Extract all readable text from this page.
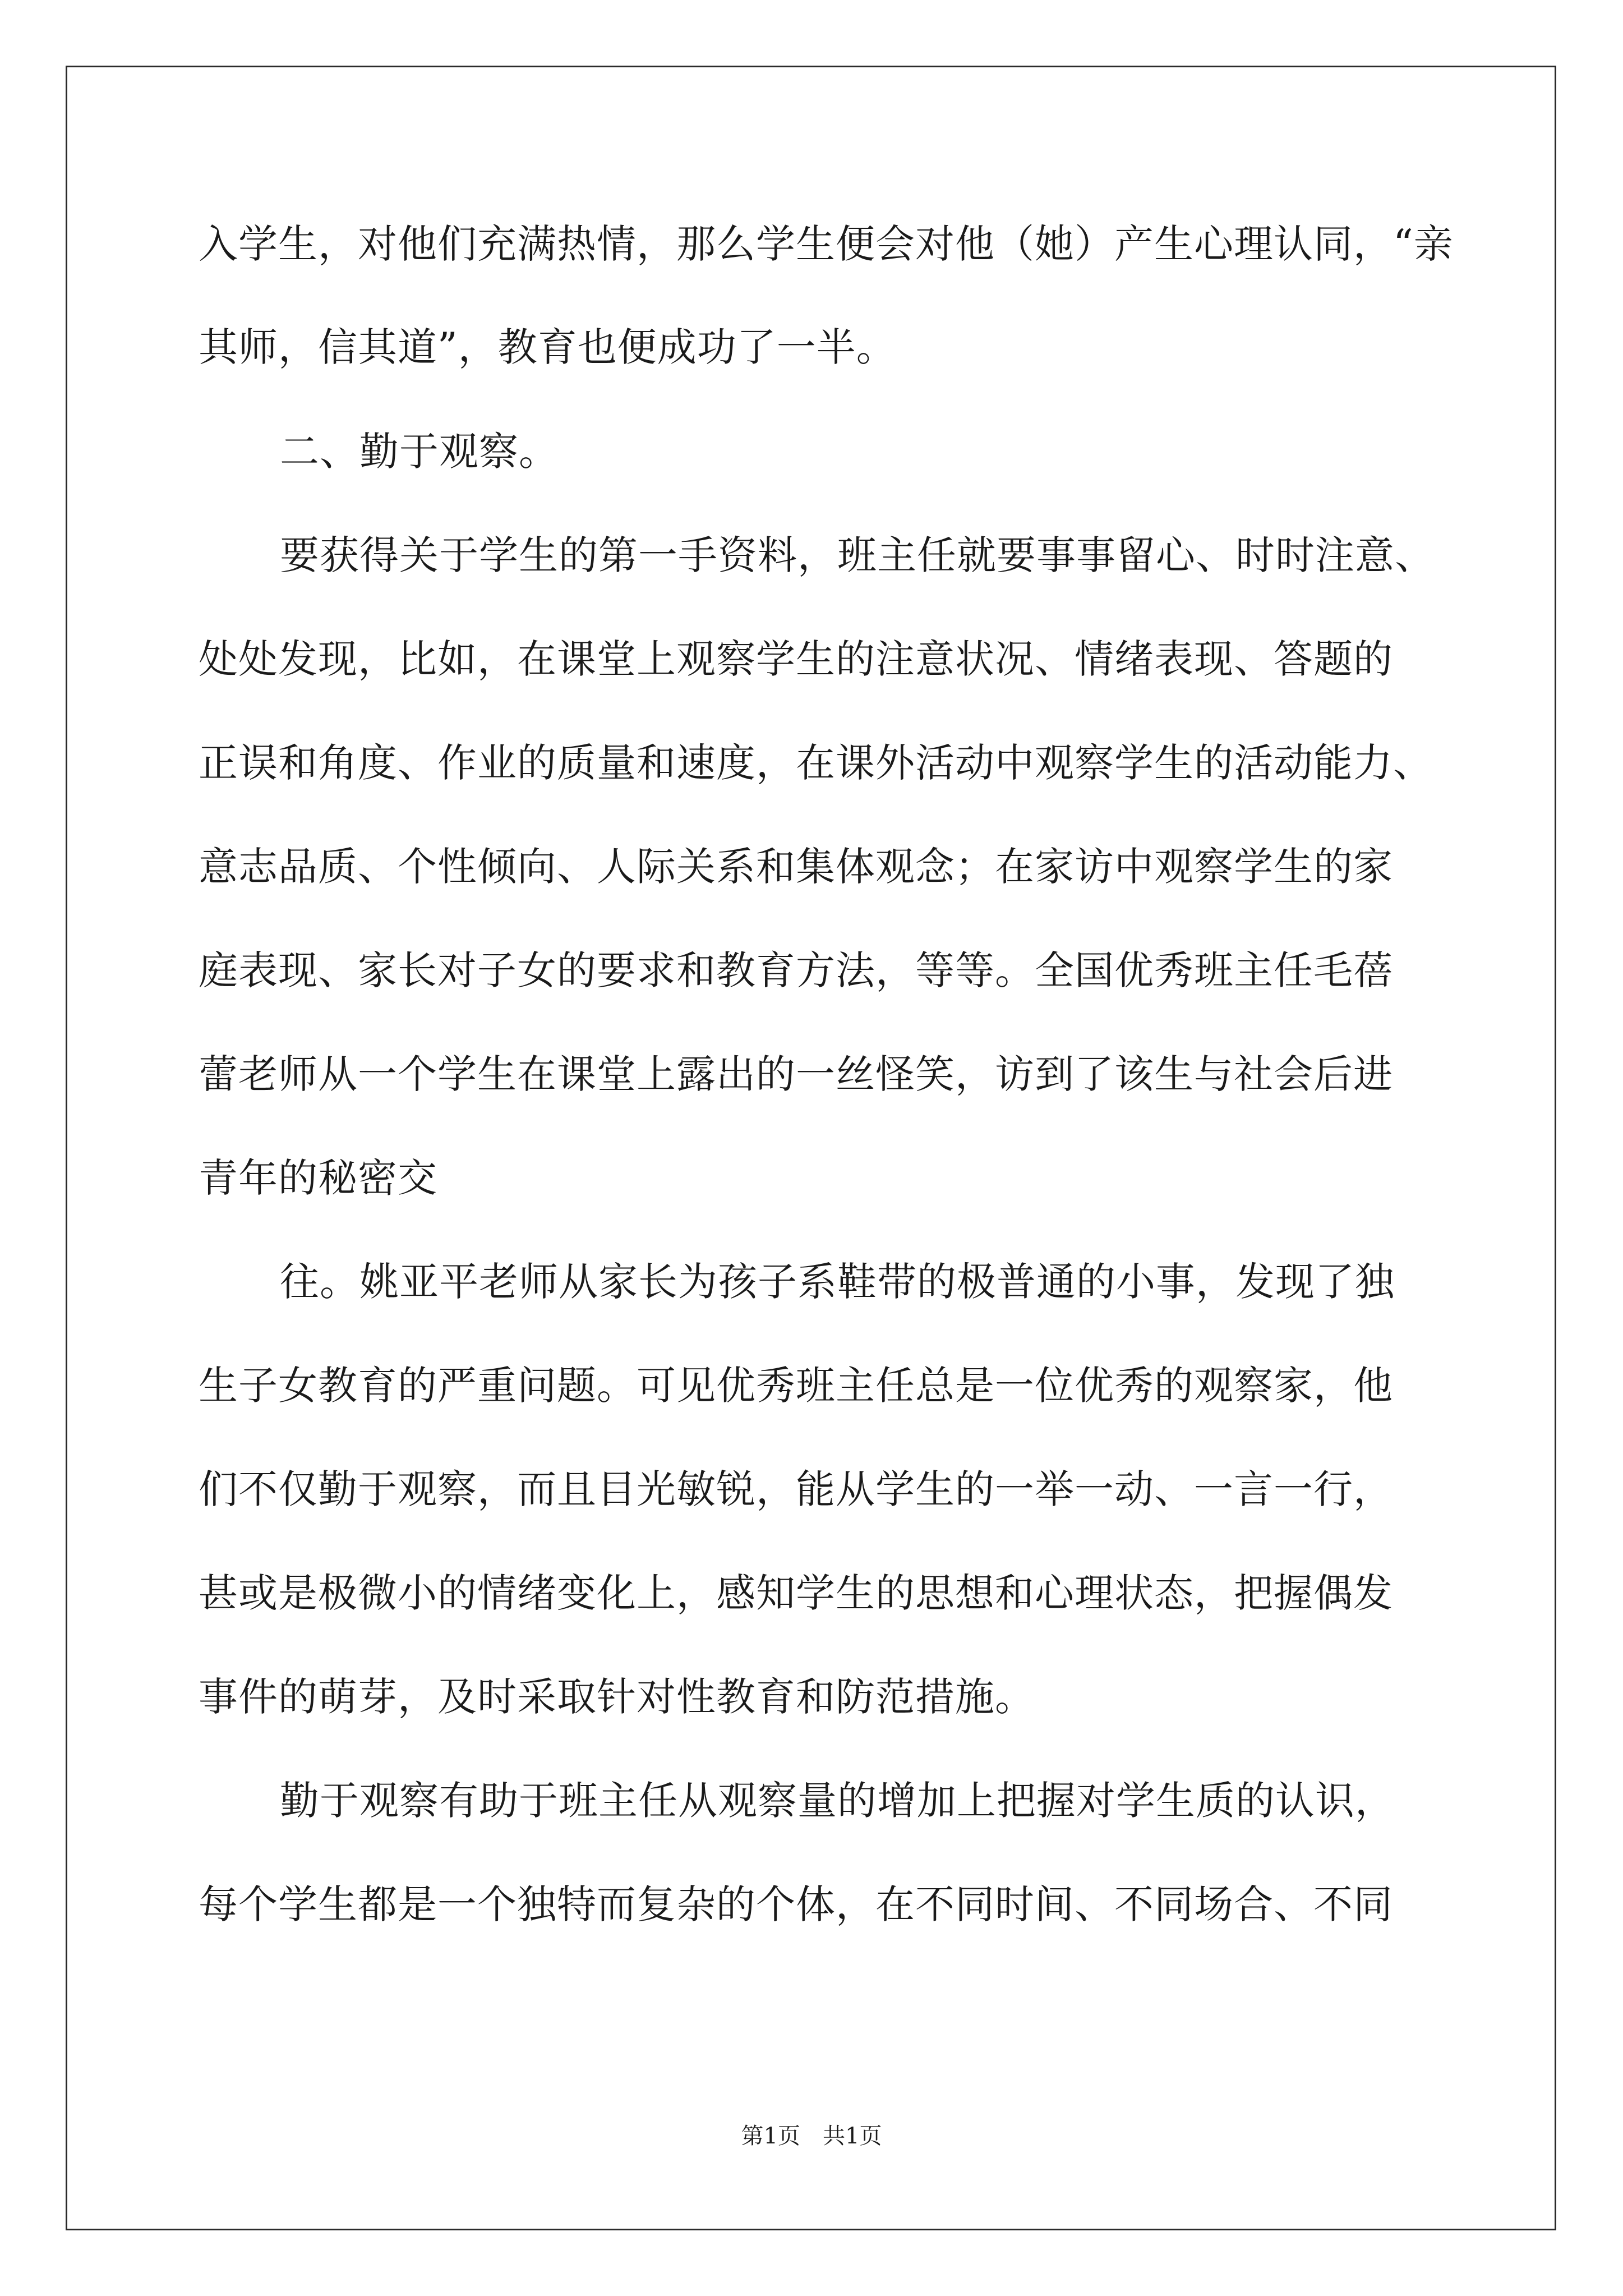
入学生，对他们充满热情，那么学生便会对他（她）产生心理认同，“亲
其师，信其道”，教育也便成功了一半。
二、勤于观察。
要获得关于学生的第一手资料，班主任就要事事留心、时时注意、
处处发现，比如，在课堂上观察学生的注意状况、情绪表现、答题的
正误和角度、作业的质量和速度，在课外活动中观察学生的活动能力、
意志品质、个性倾向、人际关系和集体观念；在家访中观察学生的家
庭表现、家长对子女的要求和教育方法，等等。全国优秀班主任毛蓓
蕾老师从一个学生在课堂上露出的一丝怪笑，访到了该生与社会后进
青年的秘密交
往。姚亚平老师从家长为孩子系鞋带的极普通的小事，发现了独
生子女教育的严重问题。可见优秀班主任总是一位优秀的观察家，他
们不仅勤于观察，而且目光敏锐，能从学生的一举一动、一言一行，
甚或是极微小的情绪变化上，感知学生的思想和心理状态，把握偶发
事件的萌芽，及时采取针对性教育和防范措施。
勤于观察有助于班主任从观察量的增加上把握对学生质的认识，
每个学生都是一个独特而复杂的个体，在不同时间、不同场合、不同
第1页　共1页
